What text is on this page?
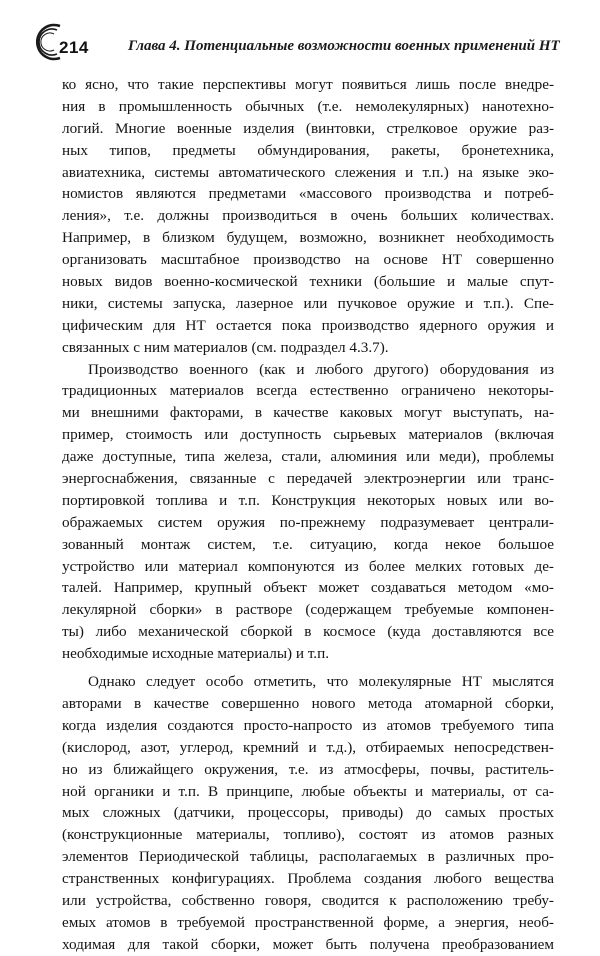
214	Глава 4. Потенциальные возможности военных применений НТ
ко ясно, что такие перспективы могут появиться лишь после внедре-
ния в промышленность обычных (т.е. немолекулярных) нанотехно-
логий. Многие военные изделия (винтовки, стрелковое оружие раз-
ных типов, предметы обмундирования, ракеты, бронетехника,
авиатехника, системы автоматического слежения и т.п.) на языке эко-
номистов являются предметами «массового производства и потреб-
ления», т.е. должны производиться в очень больших количествах.
Например, в близком будущем, возможно, возникнет необходимость
организовать масштабное производство на основе НТ совершенно
новых видов военно-космической техники (большие и малые спут-
ники, системы запуска, лазерное или пучковое оружие и т.п.). Спе-
цифическим для НТ остается пока производство ядерного оружия и
связанных с ним материалов (см. подраздел 4.3.7).
Производство военного (как и любого другого) оборудования из
традиционных материалов всегда естественно ограничено некоторы-
ми внешними факторами, в качестве каковых могут выступать, на-
пример, стоимость или доступность сырьевых материалов (включая
даже доступные, типа железа, стали, алюминия или меди), проблемы
энергоснабжения, связанные с передачей электроэнергии или транс-
портировкой топлива и т.п. Конструкция некоторых новых или во-
ображаемых систем оружия по-прежнему подразумевает централи-
зованный монтаж систем, т.е. ситуацию, когда некое большое
устройство или материал компонуются из более мелких готовых де-
талей. Например, крупный объект может создаваться методом «мо-
лекулярной сборки» в растворе (содержащем требуемые компонен-
ты) либо механической сборкой в космосе (куда доставляются все
необходимые исходные материалы) и т.п.
Однако следует особо отметить, что молекулярные НТ мыслятся
авторами в качестве совершенно нового метода атомарной сборки,
когда изделия создаются просто-напросто из атомов требуемого типа
(кислород, азот, углерод, кремний и т.д.), отбираемых непосредствен-
но из ближайщего окружения, т.е. из атмосферы, почвы, раститель-
ной органики и т.п. В принципе, любые объекты и материалы, от са-
мых сложных (датчики, процессоры, приводы) до самых простых
(конструкционные материалы, топливо), состоят из атомов разных
элементов Периодической таблицы, располагаемых в различных про-
странственных конфигурациях. Проблема создания любого вещества
или устройства, собственно говоря, сводится к расположению требу-
емых атомов в требуемой пространственной форме, а энергия, необ-
ходимая для такой сборки, может быть получена преобразованием
